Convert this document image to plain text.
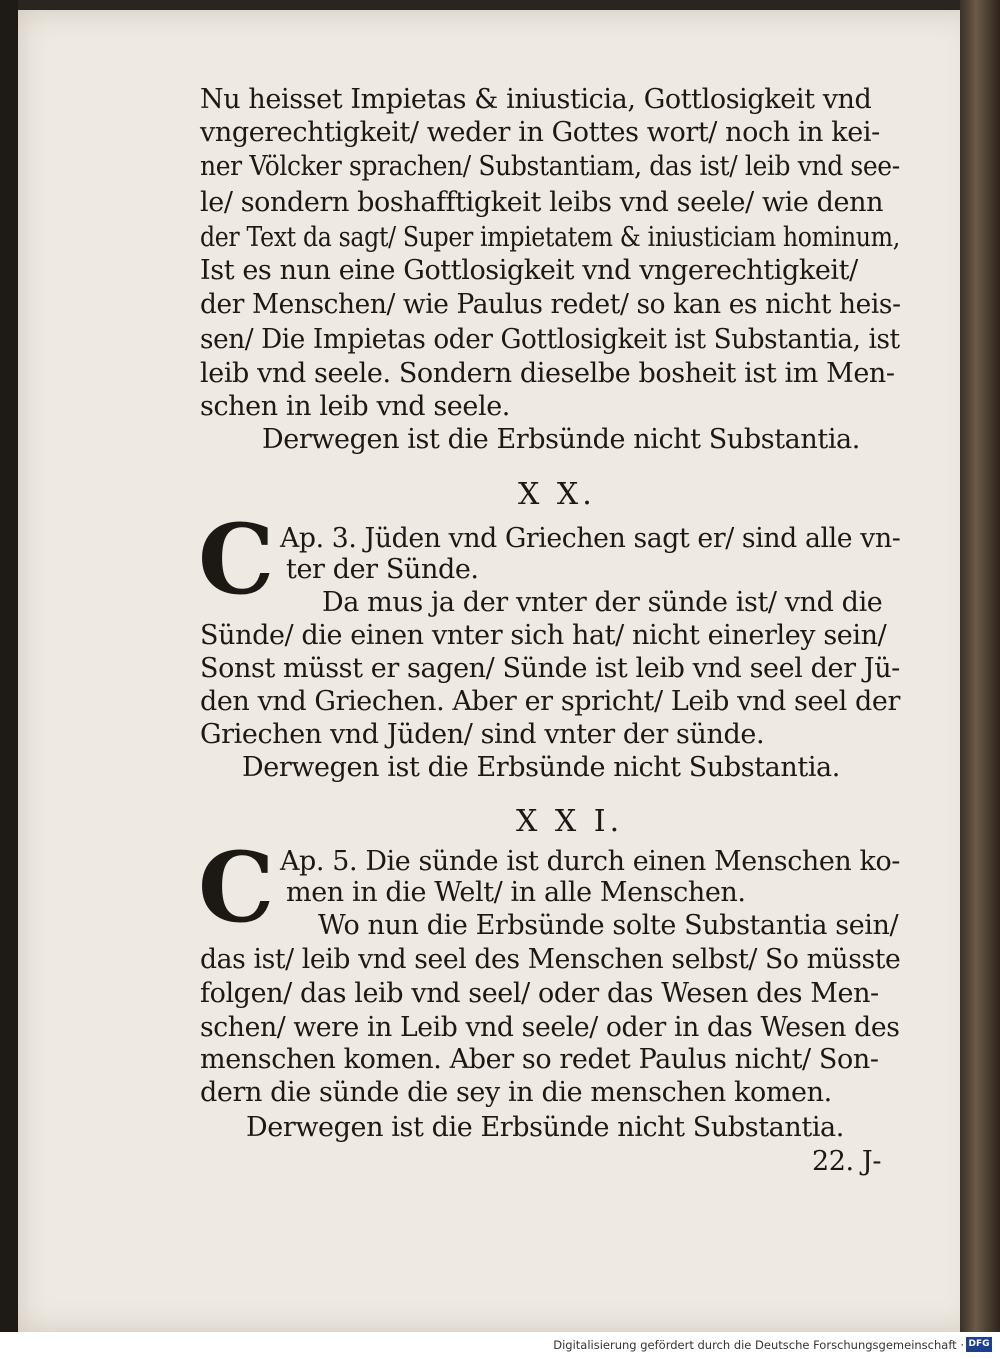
Nu heisset Impietas & iniusticia, Gottlosigkeit vnd
vngerechtigkeit/ weder in Gottes wort/ noch in kei-
ner Völcker sprachen/ Substantiam, das ist/ leib vnd see-
le/ sondern boshafftigkeit leibs vnd seele/ wie denn
der Text da sagt/ Super impietatem & iniusticiam hominum,
Ist es nun eine Gottlosigkeit vnd vngerechtigkeit/
der Menschen/ wie Paulus redet/ so kan es nicht heis-
sen/ Die Impietas oder Gottlosigkeit ist Substantia, ist
leib vnd seele. Sondern dieselbe bosheit ist im Men-
schen in leib vnd seele.
Derwegen ist die Erbsünde nicht Substantia.
X X.
C Ap. 3. Jüden vnd Griechen sagt er/ sind alle vn-
ter der Sünde.
Da mus ja der vnter der sünde ist/ vnd die
Sünde/ die einen vnter sich hat/ nicht einerley sein/
Sonst müsst er sagen/ Sünde ist leib vnd seel der Jü-
den vnd Griechen. Aber er spricht/ Leib vnd seel der
Griechen vnd Jüden/ sind vnter der sünde.
Derwegen ist die Erbsünde nicht Substantia.
X X I.
C Ap. 5. Die sünde ist durch einen Menschen ko-
men in die Welt/ in alle Menschen.
Wo nun die Erbsünde solte Substantia sein/
das ist/ leib vnd seel des Menschen selbst/ So müsste
folgen/ das leib vnd seel/ oder das Wesen des Men-
schen/ were in Leib vnd seele/ oder in das Wesen des
menschen komen. Aber so redet Paulus nicht/ Son-
dern die sünde die sey in die menschen komen.
Derwegen ist die Erbsünde nicht Substantia.
22. J-
Digitalisierung gefördert durch die Deutsche Forschungsgemeinschaft · DFG
